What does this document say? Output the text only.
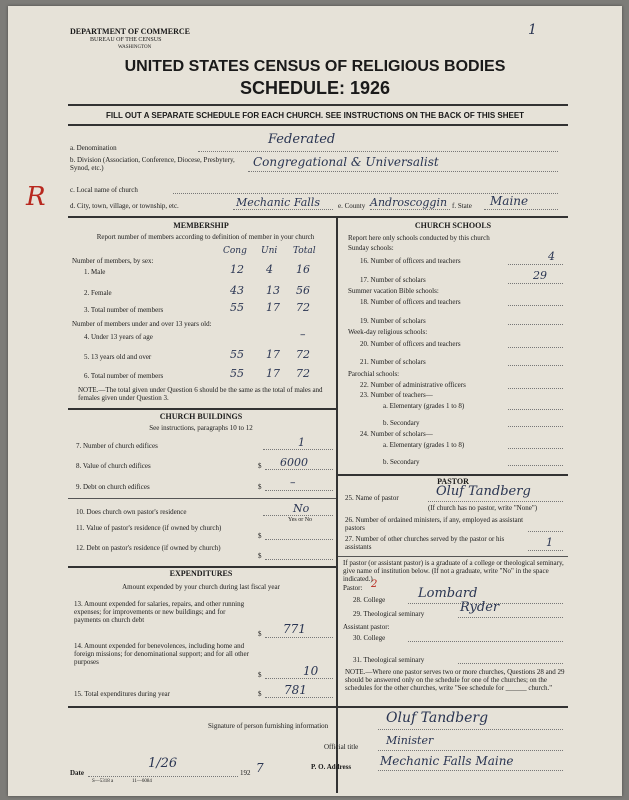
DEPARTMENT OF COMMERCE
BUREAU OF THE CENSUS
WASHINGTON
1
UNITED STATES CENSUS OF RELIGIOUS BODIES
SCHEDULE: 1926
FILL OUT A SEPARATE SCHEDULE FOR EACH CHURCH. SEE INSTRUCTIONS ON THE BACK OF THIS SHEET
a. Denomination
Federated
b. Division (Association, Conference, Diocese, Presbytery, Synod, etc.)	Congregational & Universalist
c. Local name of church
R	d. City, town, village, or township, etc.	Mechanic Falls	e. County Androscoggin f. State Maine
MEMBERSHIP
Report number of members according to definition of member in your church
Number of members, by sex:
Cong Uni Total
1. Male	12 4 16
2. Female	43 13 56
3. Total number of members	55 17 72
Number of members under and over 13 years old:
4. Under 13 years of age	–
5. 13 years old and over	55 17 72
6. Total number of members	55 17 72
NOTE.—The total given under Question 6 should be the same as the total of males and females given under Question 3.
CHURCH BUILDINGS
See instructions, paragraphs 10 to 12
7. Number of church edifices	1
8. Value of church edifices	$ 6000
9. Debt on church edifices	$	–
10. Does church own pastor's residence	No
Yes or No
11. Value of pastor's residence (if owned by church)
$
12. Debt on pastor's residence (if owned by church)
$
EXPENDITURES
Amount expended by your church during last fiscal year
13. Amount expended for salaries, repairs, and other running expenses; for improvements or new buildings; and for payments on church debt
$ 771
14. Amount expended for benevolences, including home and foreign missions; for denominational support; and for all other purposes
$	10
15. Total expenditures during year	$ 781
CHURCH SCHOOLS
Report here only schools conducted by this church
Sunday schools:
16. Number of officers and teachers	4
17. Number of scholars	29
Summer vacation Bible schools:
18. Number of officers and teachers
19. Number of scholars
Week-day religious schools:
20. Number of officers and teachers
21. Number of scholars
Parochial schools:
22. Number of administrative officers
23. Number of teachers—
a. Elementary (grades 1 to 8)
b. Secondary
24. Number of scholars—
a. Elementary (grades 1 to 8)
b. Secondary
PASTOR
25. Name of pastor	Oluf Tandberg
(If church has no pastor, write "None")
26. Number of ordained ministers, if any, employed as assistant pastors
27. Number of other churches served by the pastor or his assistants	1
If pastor (or assistant pastor) is a graduate of a college or theological seminary, give name of institution below. (If not a graduate, write "No" in the space indicated.)
Pastor: 2
28. College	Lombard
29. Theological seminary	Ryder
Assistant pastor:
30. College
31. Theological seminary
NOTE.—Where one pastor serves two or more churches, Questions 28 and 29 should be answered only on the schedule for one of the churches; on the schedules for the other churches, write "See schedule for ______ church."
Signature of person furnishing information	Oluf Tandberg
Official title	Minister
Date
1/26
192 7	P. O. Address Mechanic Falls Maine
S—5318 a	11—6084
